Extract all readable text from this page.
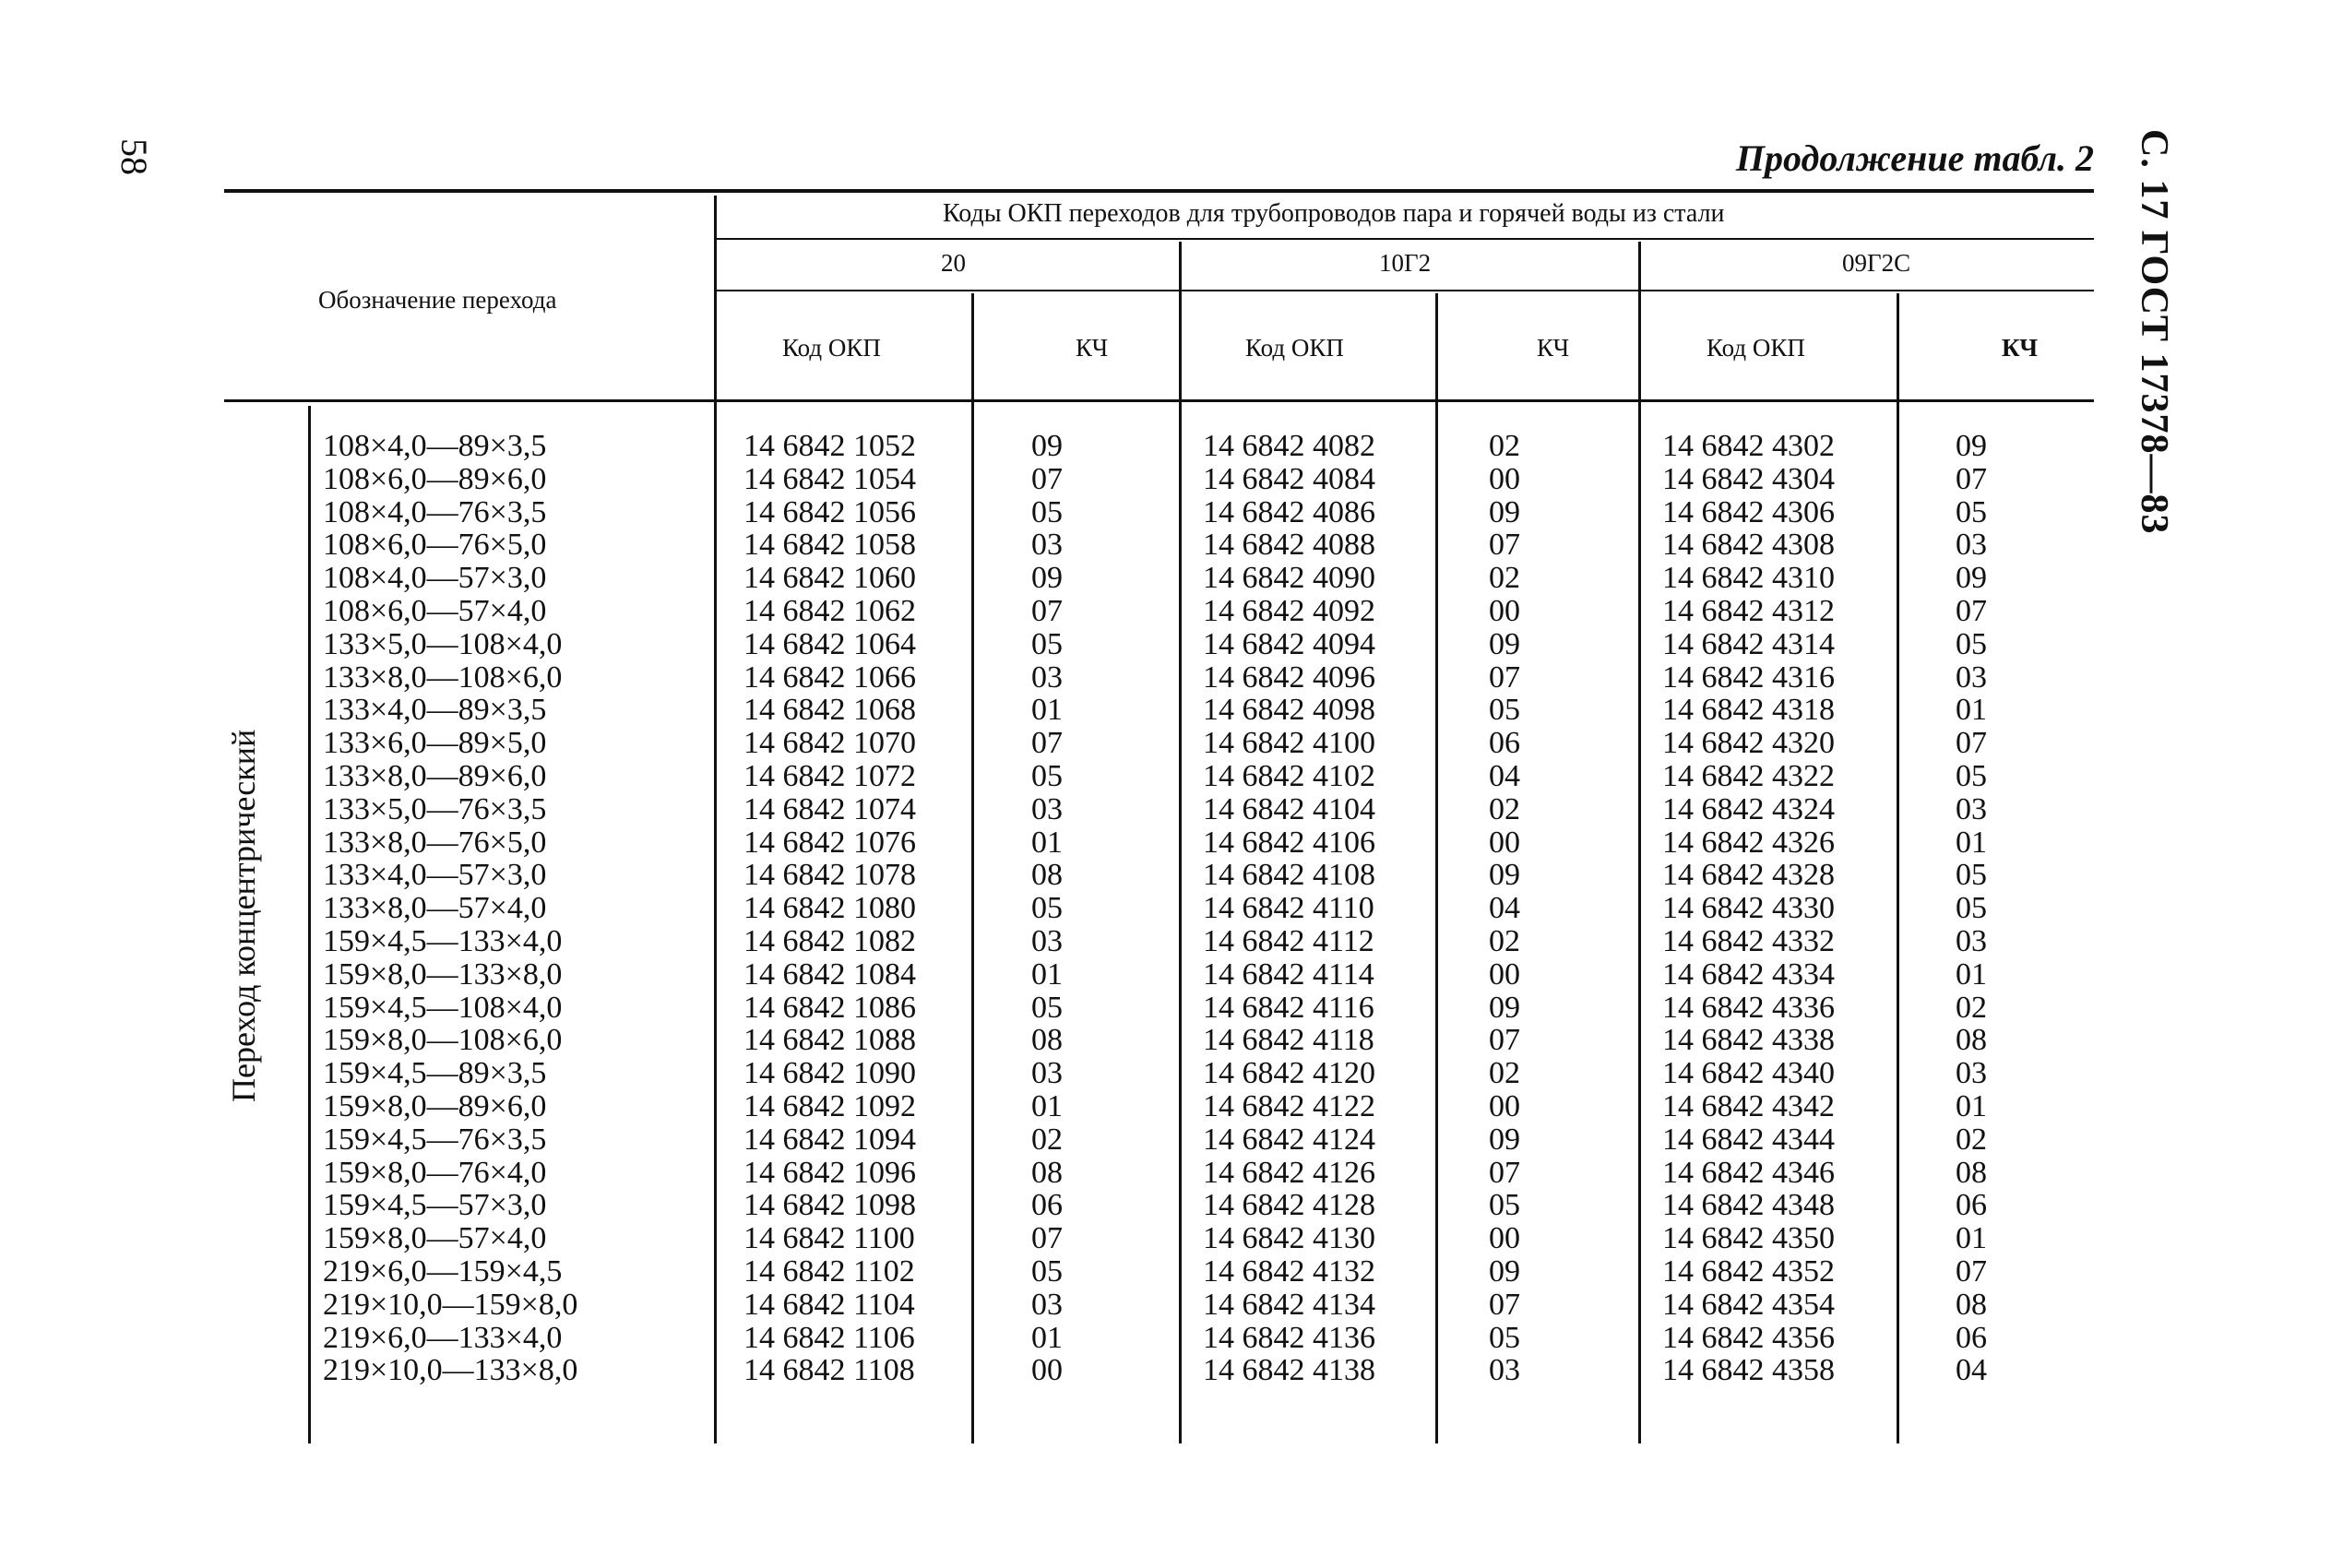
58	Продолжение табл. 2 С. 17 ГОСТ 17378—83
Обозначение перехода
Коды ОКП переходов для трубопроводов пара и горячей воды из стали
20	10Г2	09Г2С
Код ОКП	КЧ	Код ОКП	КЧ	Код ОКП	КЧ
Переход концентрический
108×4,0—89×3,5	14 6842 1052	09	14 6842 4082	02	14 6842 4302	09
108×6,0—89×6,0	14 6842 1054	07	14 6842 4084	00	14 6842 4304	07
108×4,0—76×3,5	14 6842 1056	05	14 6842 4086	09	14 6842 4306	05
108×6,0—76×5,0	14 6842 1058	03	14 6842 4088	07	14 6842 4308	03
108×4,0—57×3,0	14 6842 1060	09	14 6842 4090	02	14 6842 4310	09
108×6,0—57×4,0	14 6842 1062	07	14 6842 4092	00	14 6842 4312	07
133×5,0—108×4,0	14 6842 1064	05	14 6842 4094	09	14 6842 4314	05
133×8,0—108×6,0	14 6842 1066	03	14 6842 4096	07	14 6842 4316	03
133×4,0—89×3,5	14 6842 1068	01	14 6842 4098	05	14 6842 4318	01
133×6,0—89×5,0	14 6842 1070	07	14 6842 4100	06	14 6842 4320	07
133×8,0—89×6,0	14 6842 1072	05	14 6842 4102	04	14 6842 4322	05
133×5,0—76×3,5	14 6842 1074	03	14 6842 4104	02	14 6842 4324	03
133×8,0—76×5,0	14 6842 1076	01	14 6842 4106	00	14 6842 4326	01
133×4,0—57×3,0	14 6842 1078	08	14 6842 4108	09	14 6842 4328	05
133×8,0—57×4,0	14 6842 1080	05	14 6842 4110	04	14 6842 4330	05
159×4,5—133×4,0	14 6842 1082	03	14 6842 4112	02	14 6842 4332	03
159×8,0—133×8,0	14 6842 1084	01	14 6842 4114	00	14 6842 4334	01
159×4,5—108×4,0	14 6842 1086	05	14 6842 4116	09	14 6842 4336	02
159×8,0—108×6,0	14 6842 1088	08	14 6842 4118	07	14 6842 4338	08
159×4,5—89×3,5	14 6842 1090	03	14 6842 4120	02	14 6842 4340	03
159×8,0—89×6,0	14 6842 1092	01	14 6842 4122	00	14 6842 4342	01
159×4,5—76×3,5	14 6842 1094	02	14 6842 4124	09	14 6842 4344	02
159×8,0—76×4,0	14 6842 1096	08	14 6842 4126	07	14 6842 4346	08
159×4,5—57×3,0	14 6842 1098	06	14 6842 4128	05	14 6842 4348	06
159×8,0—57×4,0	14 6842 1100	07	14 6842 4130	00	14 6842 4350	01
219×6,0—159×4,5	14 6842 1102	05	14 6842 4132	09	14 6842 4352	07
219×10,0—159×8,0	14 6842 1104	03	14 6842 4134	07	14 6842 4354	08
219×6,0—133×4,0	14 6842 1106	01	14 6842 4136	05	14 6842 4356	06
219×10,0—133×8,0	14 6842 1108	00	14 6842 4138	03	14 6842 4358	04
